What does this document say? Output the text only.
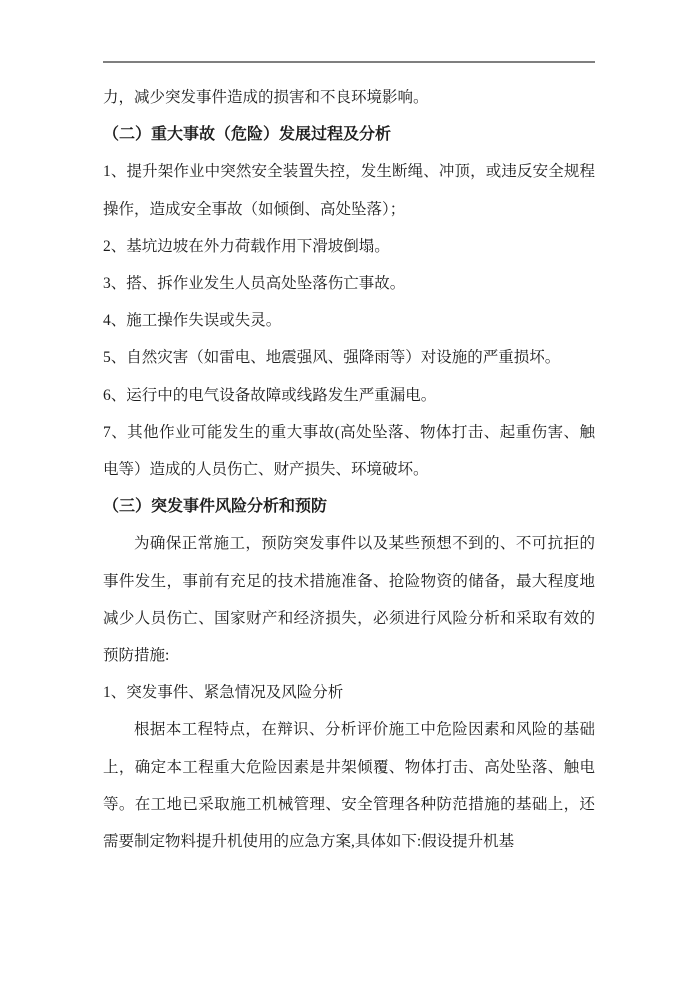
力，减少突发事件造成的损害和不良环境影响。

（二）重大事故（危险）发展过程及分析

1、提升架作业中突然安全装置失控，发生断绳、冲顶，或违反安全规程操作，造成安全事故（如倾倒、高处坠落）；

2、基坑边坡在外力荷载作用下滑坡倒塌。

3、搭、拆作业发生人员高处坠落伤亡事故。

4、施工操作失误或失灵。

5、自然灾害（如雷电、地震强风、强降雨等）对设施的严重损坏。

6、运行中的电气设备故障或线路发生严重漏电。

7、其他作业可能发生的重大事故(高处坠落、物体打击、起重伤害、触电等）造成的人员伤亡、财产损失、环境破坏。

（三）突发事件风险分析和预防

为确保正常施工，预防突发事件以及某些预想不到的、不可抗拒的事件发生，事前有充足的技术措施准备、抢险物资的储备，最大程度地减少人员伤亡、国家财产和经济损失，必须进行风险分析和采取有效的预防措施:

1、突发事件、紧急情况及风险分析

根据本工程特点，在辩识、分析评价施工中危险因素和风险的基础上，确定本工程重大危险因素是井架倾覆、物体打击、高处坠落、触电等。在工地已采取施工机械管理、安全管理各种防范措施的基础上，还需要制定物料提升机使用的应急方案,具体如下:假设提升机基
